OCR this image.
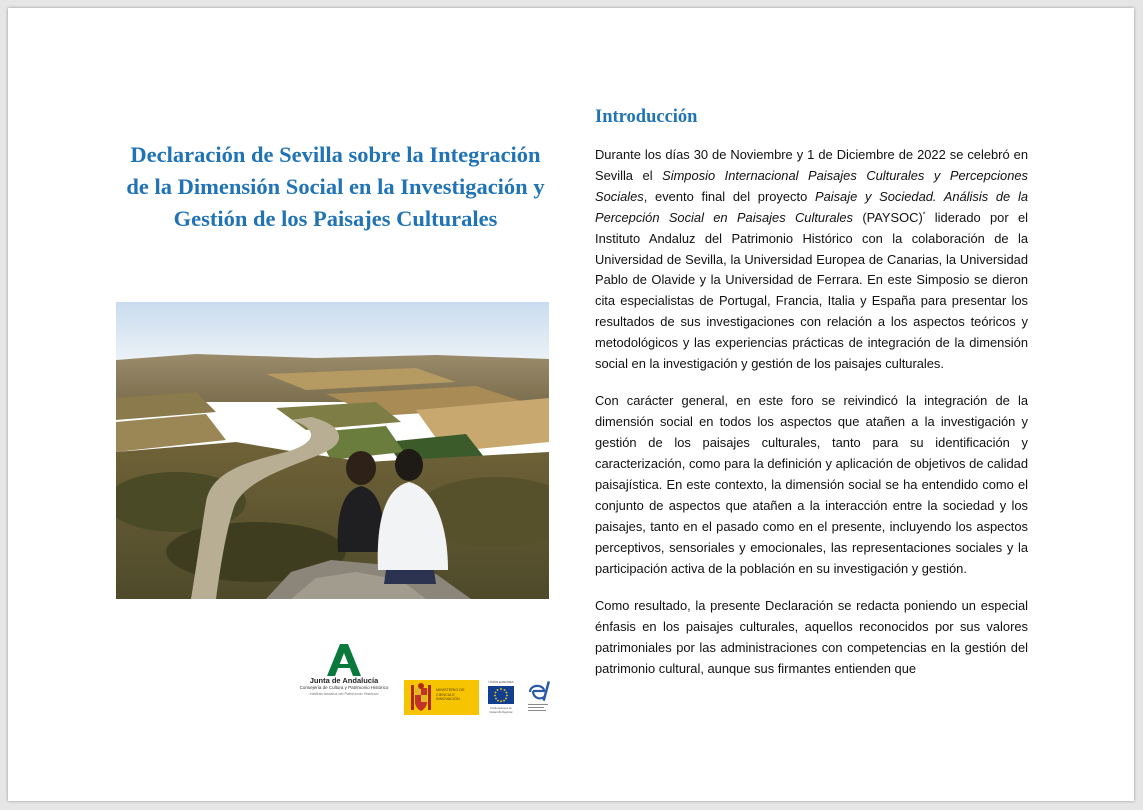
Declaración de Sevilla sobre la Integración de la Dimensión Social en la Investigación y Gestión de los Paisajes Culturales
Junta de Andalucía
Consejería de Cultura y Patrimonio Histórico
Instituto Andaluz del Patrimonio Histórico
MINISTERIO DE CIENCIA E INNOVACIÓN
UNIÓN EUROPEA
Fondo Europeo de Desarrollo Regional
Introducción

Durante los días 30 de Noviembre y 1 de Diciembre de 2022 se celebró en Sevilla el Simposio Internacional Paisajes Culturales y Percepciones Sociales, evento final del proyecto Paisaje y Sociedad. Análisis de la Percepción Social en Paisajes Culturales (PAYSOC)* liderado por el Instituto Andaluz del Patrimonio Histórico con la colaboración de la Universidad de Sevilla, la Universidad Europea de Canarias, la Universidad Pablo de Olavide y la Universidad de Ferrara. En este Simposio se dieron cita especialistas de Portugal, Francia, Italia y España para presentar los resultados de sus investigaciones con relación a los aspectos teóricos y metodológicos y las experiencias prácticas de integración de la dimensión social en la investigación y gestión de los paisajes culturales.

Con carácter general, en este foro se reivindicó la integración de la dimensión social en todos los aspectos que atañen a la investigación y gestión de los paisajes culturales, tanto para su identificación y caracterización, como para la definición y aplicación de objetivos de calidad paisajística. En este contexto, la dimensión social se ha entendido como el conjunto de aspectos que atañen a la interacción entre la sociedad y los paisajes, tanto en el pasado como en el presente, incluyendo los aspectos perceptivos, sensoriales y emocionales, las representaciones sociales y la participación activa de la población en su investigación y gestión.

Como resultado, la presente Declaración se redacta poniendo un especial énfasis en los paisajes culturales, aquellos reconocidos por sus valores patrimoniales por las administraciones con competencias en la gestión del patrimonio cultural, aunque sus firmantes entienden que
